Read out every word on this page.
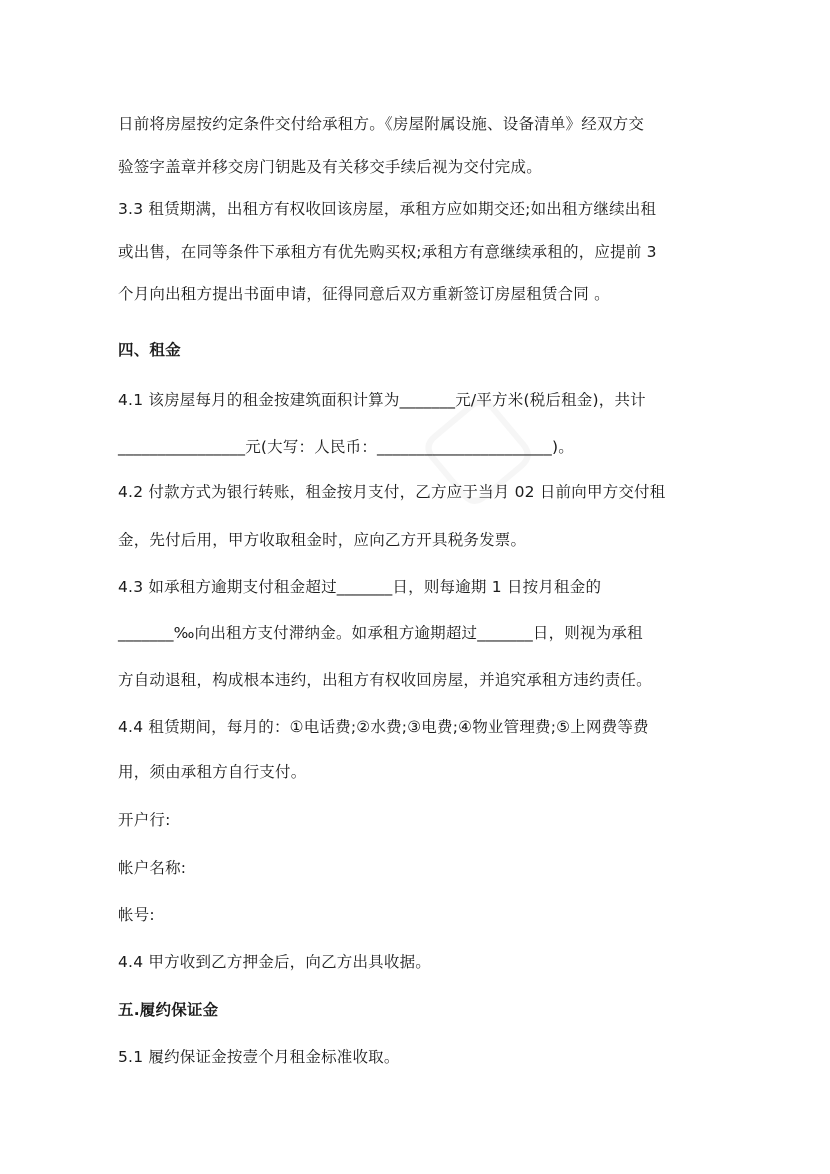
日前将房屋按约定条件交付给承租方。《房屋附属设施、设备清单》经双方交
验签字盖章并移交房门钥匙及有关移交手续后视为交付完成。
3.3 租赁期满，出租方有权收回该房屋，承租方应如期交还;如出租方继续出租
或出售，在同等条件下承租方有优先购买权;承租方有意继续承租的，应提前 3
个月向出租方提出书面申请，征得同意后双方重新签订房屋租赁合同 。
四、租金
4.1 该房屋每月的租金按建筑面积计算为_______元/平方米(税后租金)，共计
________________元(大写：人民币：______________________)。
4.2 付款方式为银行转账，租金按月支付，乙方应于当月 02 日前向甲方交付租
金，先付后用，甲方收取租金时，应向乙方开具税务发票。
4.3 如承租方逾期支付租金超过_______日，则每逾期 1 日按月租金的
_______‰向出租方支付滞纳金。如承租方逾期超过_______日，则视为承租
方自动退租，构成根本违约，出租方有权收回房屋，并追究承租方违约责任。
4.4 租赁期间，每月的：①电话费;②水费;③电费;④物业管理费;⑤上网费等费
用，须由承租方自行支付。
开户行:
帐户名称:
帐号:
4.4 甲方收到乙方押金后，向乙方出具收据。
五.履约保证金
5.1 履约保证金按壹个月租金标准收取。
